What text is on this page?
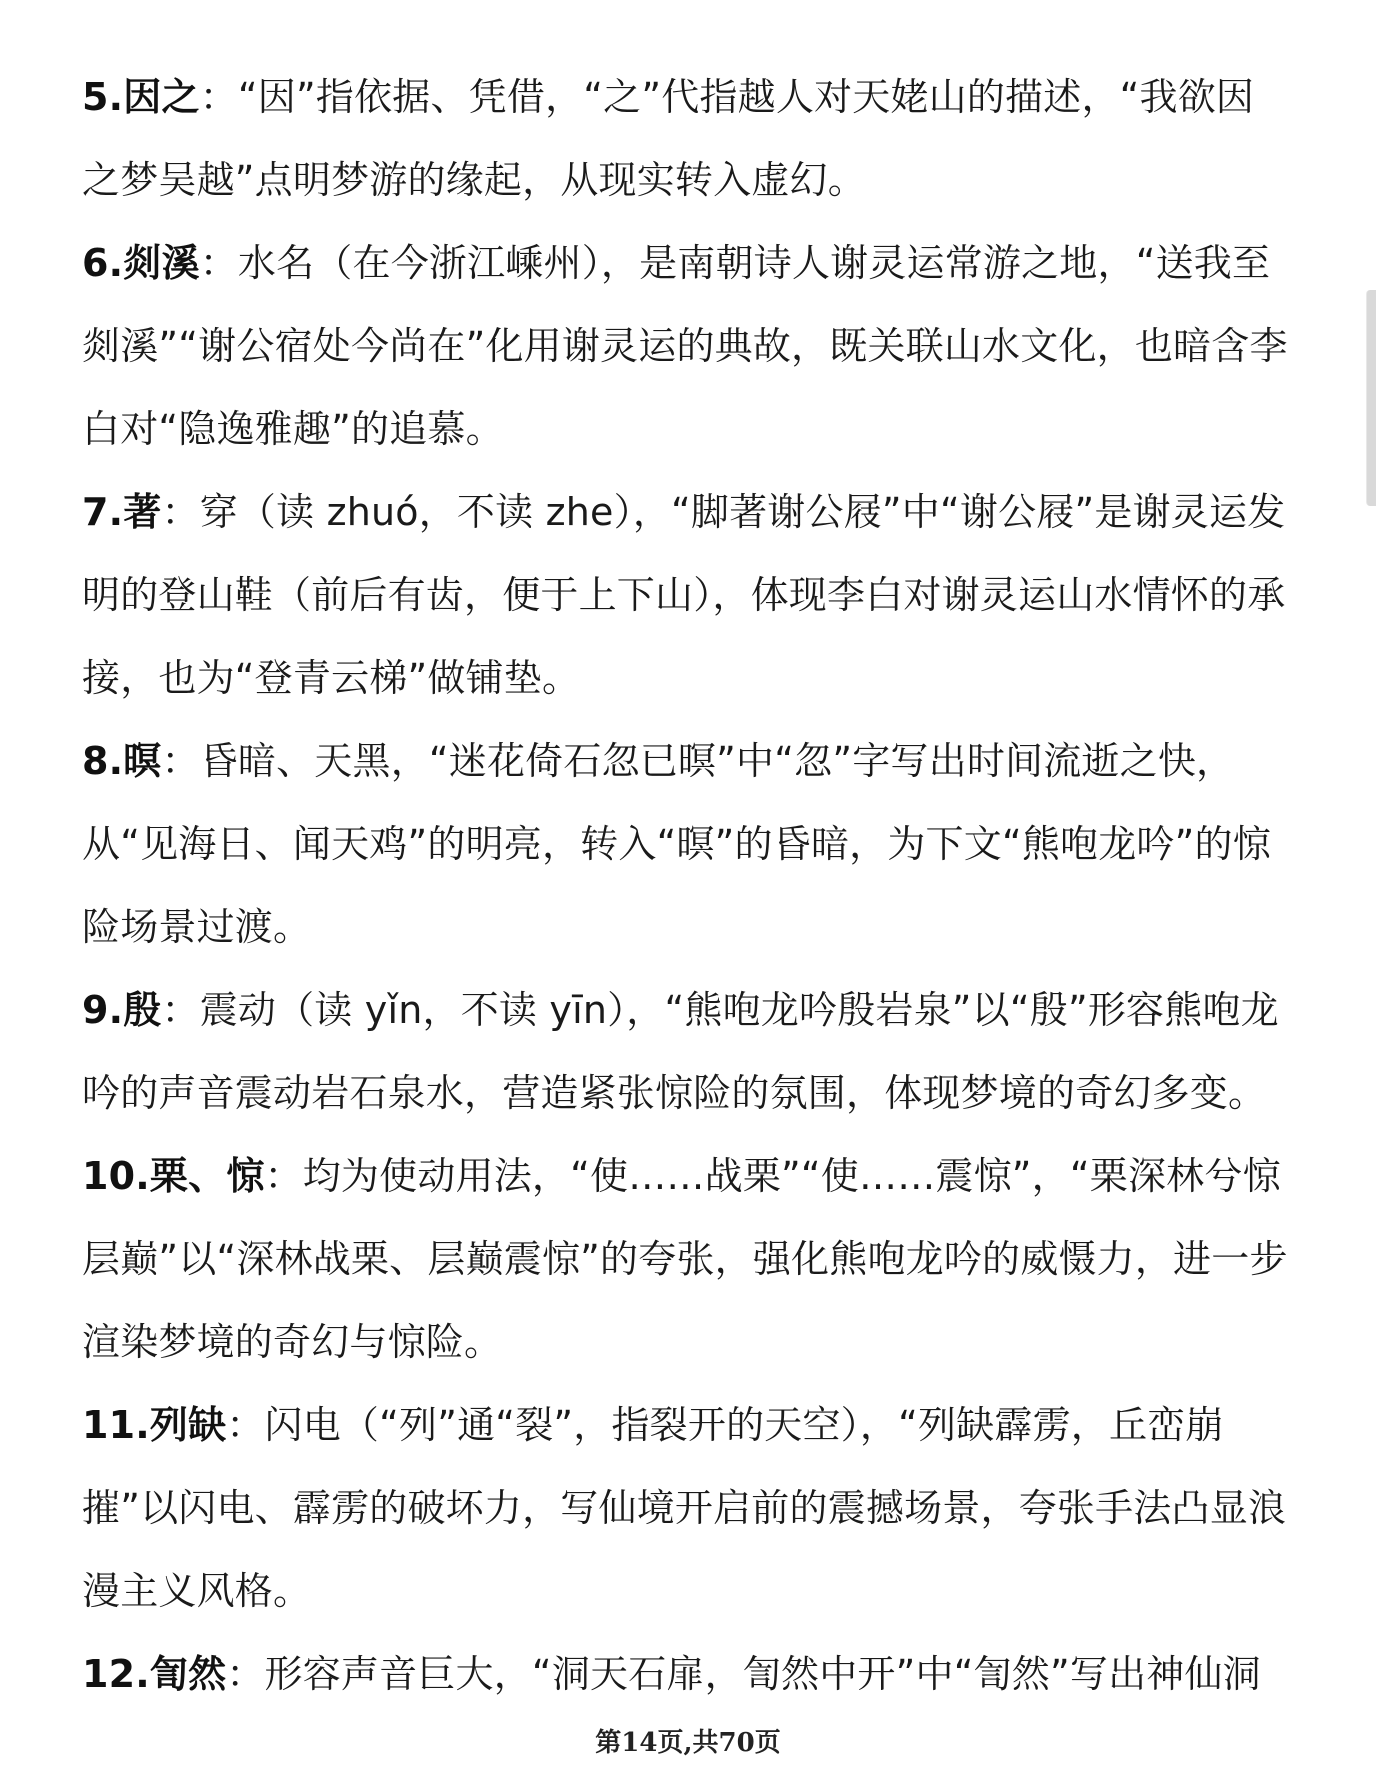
5.因之：“因”指依据、凭借，“之”代指越人对天姥山的描述，“我欲因之梦吴越”点明梦游的缘起，从现实转入虚幻。

6.剡溪：水名（在今浙江嵊州），是南朝诗人谢灵运常游之地，“送我至剡溪”“谢公宿处今尚在”化用谢灵运的典故，既关联山水文化，也暗含李白对“隐逸雅趣”的追慕。

7.著：穿（读 zhuó，不读 zhe），“脚著谢公屐”中“谢公屐”是谢灵运发明的登山鞋（前后有齿，便于上下山），体现李白对谢灵运山水情怀的承接，也为“登青云梯”做铺垫。

8.暝：昏暗、天黑，“迷花倚石忽已暝”中“忽”字写出时间流逝之快，从“见海日、闻天鸡”的明亮，转入“暝”的昏暗，为下文“熊咆龙吟”的惊险场景过渡。

9.殷：震动（读 yǐn，不读 yīn），“熊咆龙吟殷岩泉”以“殷”形容熊咆龙吟的声音震动岩石泉水，营造紧张惊险的氛围，体现梦境的奇幻多变。

10.栗、惊：均为使动用法，“使……战栗”“使……震惊”，“栗深林兮惊层巅”以“深林战栗、层巅震惊”的夸张，强化熊咆龙吟的威慑力，进一步渲染梦境的奇幻与惊险。

11.列缺：闪电（“列”通“裂”，指裂开的天空），“列缺霹雳，丘峦崩摧”以闪电、霹雳的破坏力，写仙境开启前的震撼场景，夸张手法凸显浪漫主义风格。

12.訇然：形容声音巨大，“洞天石扉，訇然中开”中“訇然”写出神仙洞

第14页,共70页
